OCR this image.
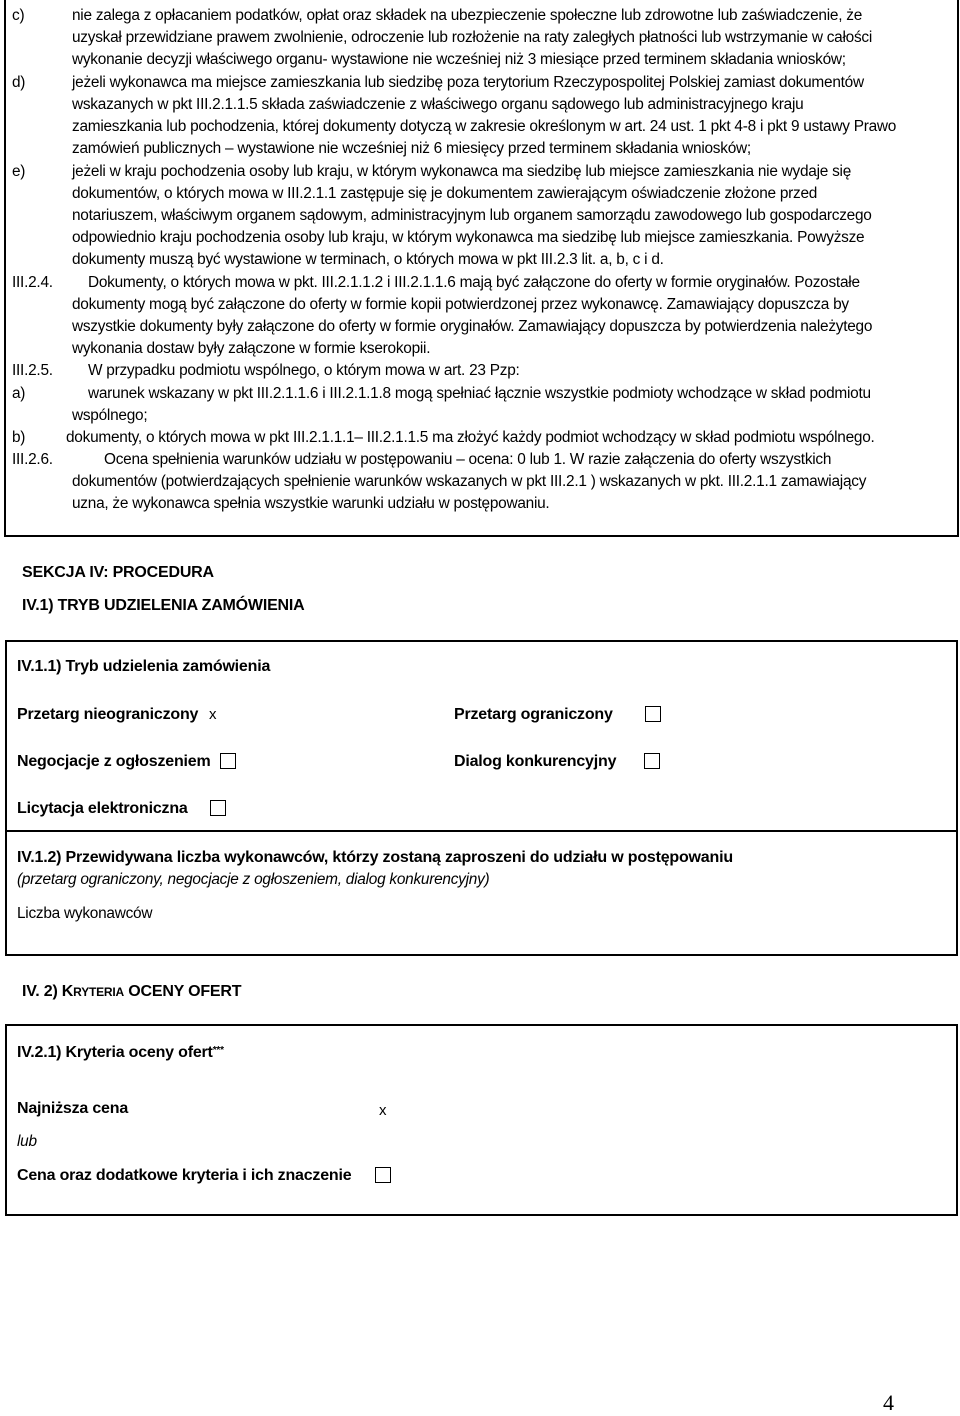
c)	nie zalega z opłacaniem podatków, opłat oraz składek na ubezpieczenie społeczne lub zdrowotne lub zaświadczenie, że
uzyskał przewidziane prawem zwolnienie, odroczenie lub rozłożenie na raty zaległych płatności lub wstrzymanie w całości
wykonanie decyzji właściwego organu- wystawione nie wcześniej niż 3 miesiące przed terminem składania wniosków;
d)	jeżeli wykonawca ma miejsce zamieszkania lub siedzibę poza terytorium Rzeczypospolitej Polskiej zamiast dokumentów
wskazanych w pkt III.2.1.1.5 składa zaświadczenie z właściwego organu sądowego lub administracyjnego kraju
zamieszkania lub pochodzenia, której dokumenty dotyczą w zakresie określonym w art. 24 ust. 1 pkt 4-8 i pkt 9 ustawy Prawo
zamówień publicznych – wystawione nie wcześniej niż 6 miesięcy przed terminem składania wniosków;
e)	jeżeli w kraju pochodzenia osoby lub kraju, w którym wykonawca ma siedzibę lub miejsce zamieszkania nie wydaje się
dokumentów, o których mowa w III.2.1.1 zastępuje się je dokumentem zawierającym oświadczenie złożone przed
notariuszem, właściwym organem sądowym, administracyjnym lub organem samorządu zawodowego lub gospodarczego
odpowiednio kraju pochodzenia osoby lub kraju, w którym wykonawca ma siedzibę lub miejsce zamieszkania. Powyższe
dokumenty muszą być wystawione w terminach, o których mowa w pkt III.2.3 lit. a, b, c i d.
III.2.4. Dokumenty, o których mowa w pkt. III.2.1.1.2 i III.2.1.1.6 mają być załączone do oferty w formie oryginałów. Pozostałe
dokumenty mogą być załączone do oferty w formie kopii potwierdzonej przez wykonawcę. Zamawiający dopuszcza by
wszystkie dokumenty były załączone do oferty w formie oryginałów. Zamawiający dopuszcza by potwierdzenia należytego
wykonania dostaw były załączone w formie kserokopii.
III.2.5. W przypadku podmiotu wspólnego, o którym mowa w art. 23 Pzp:
a)	warunek wskazany w pkt III.2.1.1.6 i III.2.1.1.8 mogą spełniać łącznie wszystkie podmioty wchodzące w skład podmiotu
wspólnego;
b)	dokumenty, o których mowa w pkt III.2.1.1.1– III.2.1.1.5 ma złożyć każdy podmiot wchodzący w skład podmiotu wspólnego.
III.2.6.	Ocena spełnienia warunków udziału w postępowaniu – ocena: 0 lub 1. W razie załączenia do oferty wszystkich
dokumentów (potwierdzających spełnienie warunków wskazanych w pkt III.2.1 ) wskazanych w pkt. III.2.1.1 zamawiający
uzna, że wykonawca spełnia wszystkie warunki udziału w postępowaniu.
SEKCJA IV: PROCEDURA
IV.1) TRYB UDZIELENIA ZAMÓWIENIA
IV.1.1) Tryb udzielenia zamówienia
Przetarg nieograniczony x	Przetarg ograniczony
Negocjacje z ogłoszeniem	Dialog konkurencyjny
Licytacja elektroniczna
IV.1.2) Przewidywana liczba wykonawców, którzy zostaną zaproszeni do udziału w postępowaniu
(przetarg ograniczony, negocjacje z ogłoszeniem, dialog konkurencyjny)
Liczba wykonawców
IV. 2) KRYTERIA OCENY OFERT
IV.2.1) Kryteria oceny ofert***
Najniższa cena	x
lub
Cena oraz dodatkowe kryteria i ich znaczenie
4
